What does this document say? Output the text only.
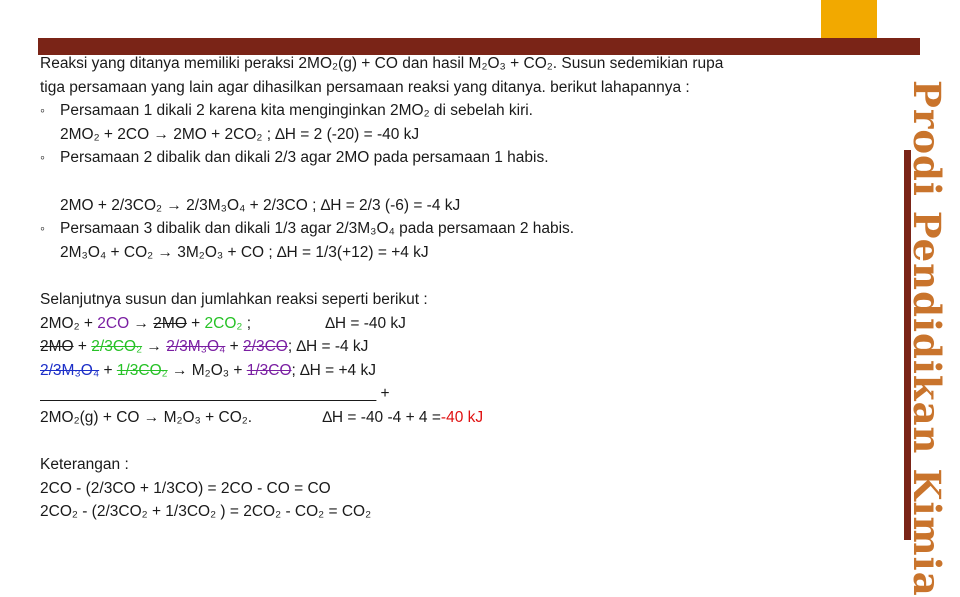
Prodi Pendidikan Kimia
Reaksi yang ditanya memiliki peraksi 2MO₂(g) + CO dan hasil M₂O₃ + CO₂. Susun sedemikian rupa
tiga persamaan yang lain agar dihasilkan persamaan reaksi yang ditanya. berikut lahapannya :
◦ Persamaan 1 dikali 2 karena kita menginginkan 2MO₂ di sebelah kiri.
2MO₂ + 2CO → 2MO + 2CO₂ ; ∆H = 2 (-20) = -40 kJ
◦ Persamaan 2 dibalik dan dikali 2/3 agar 2MO pada persamaan 1 habis.
2MO + 2/3CO₂ → 2/3M₃O₄ + 2/3CO ; ∆H = 2/3 (-6) = -4 kJ
◦ Persamaan 3 dibalik dan dikali 1/3 agar 2/3M₃O₄ pada persamaan 2 habis.
2M₃O₄ + CO₂ → 3M₂O₃ + CO ; ∆H = 1/3(+12) = +4 kJ
Selanjutnya susun dan jumlahkan reaksi seperti berikut :
2MO₂ + 2CO → 2MO + 2CO₂ ;	∆H = -40 kJ
2MO + 2/3CO₂ → 2/3M₃O₄ + 2/3CO; ∆H = -4 kJ
2/3M₃O₄ + 1/3CO₂ → M₂O₃ + 1/3CO; ∆H = +4 kJ
_______________________________________ +
2MO₂(g) + CO → M₂O₃ + CO₂.	∆H = -40 -4 + 4 =-40 kJ
Keterangan :
2CO - (2/3CO + 1/3CO) = 2CO - CO = CO
2CO₂ - (2/3CO₂ + 1/3CO₂ ) = 2CO₂ - CO₂ = CO₂
